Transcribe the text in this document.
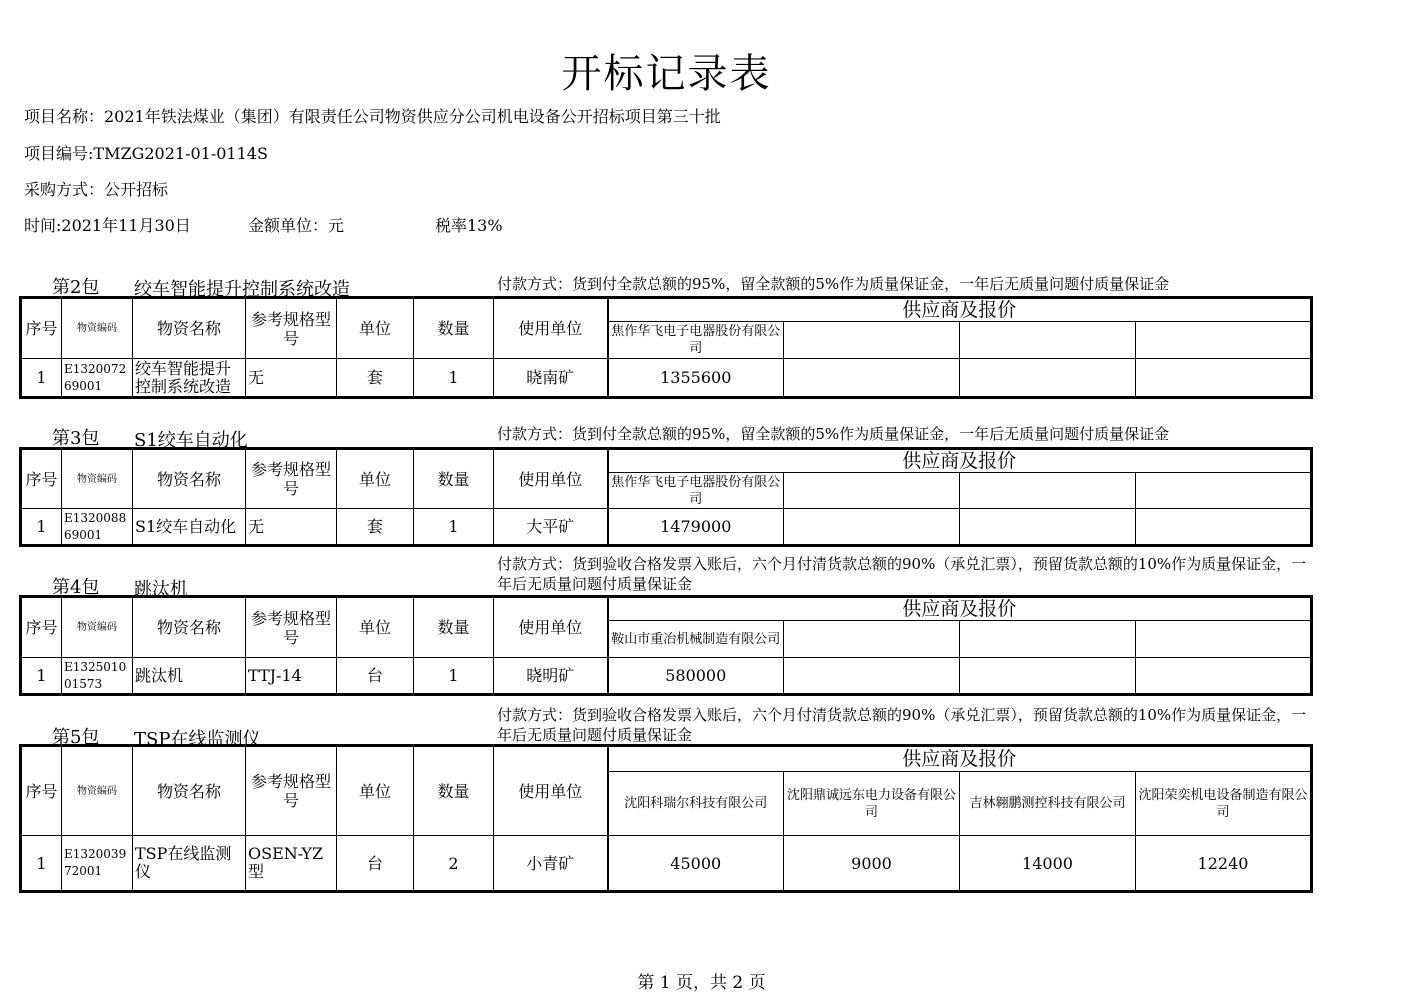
开标记录表
项目名称：2021年铁法煤业（集团）有限责任公司物资供应分公司机电设备公开招标项目第三十批
项目编号:TMZG2021-01-0114S
采购方式：公开招标
时间:2021年11月30日	金额单位：元	税率13%
第2包 绞车智能提升控制系统改造	付款方式：货到付全款总额的95%，留全款额的5%作为质量保证金，一年后无质量问题付质量保证金
序号	物资编码	物资名称	参考规格型号	单位	数量	使用单位	供应商及报价			
							焦作华飞电子电器股份有限公司			
1	E132007269001	绞车智能提升控制系统改造	无	套	1	晓南矿	1355600			
第3包 S1绞车自动化	付款方式：货到付全款总额的95%，留全款额的5%作为质量保证金，一年后无质量问题付质量保证金
序号	物资编码	物资名称	参考规格型号	单位	数量	使用单位	供应商及报价			
							焦作华飞电子电器股份有限公司			
1	E132008869001	S1绞车自动化	无	套	1	大平矿	1479000			
第4包 跳汰机
付款方式：货到验收合格发票入账后，六个月付清货款总额的90%（承兑汇票），预留货款总额的10%作为质量保证金，一年后无质量问题付质量保证金
序号	物资编码	物资名称	参考规格型号	单位	数量	使用单位	供应商及报价			
							鞍山市重冶机械制造有限公司			
1	E132501001573	跳汰机	TTJ-14	台	1	晓明矿	580000			
第5包 TSP在线监测仪
付款方式：货到验收合格发票入账后，六个月付清货款总额的90%（承兑汇票），预留货款总额的10%作为质量保证金，一年后无质量问题付质量保证金
序号	物资编码	物资名称	参考规格型号	单位	数量	使用单位	供应商及报价			
							沈阳科瑞尔科技有限公司	沈阳鼎诚远东电力设备有限公司	吉林翱鹏测控科技有限公司	沈阳荣奕机电设备制造有限公司
1	E132003972001	TSP在线监测仪	OSEN-YZ型	台	2	小青矿	45000	9000	14000	12240
第 1 页，共 2 页
